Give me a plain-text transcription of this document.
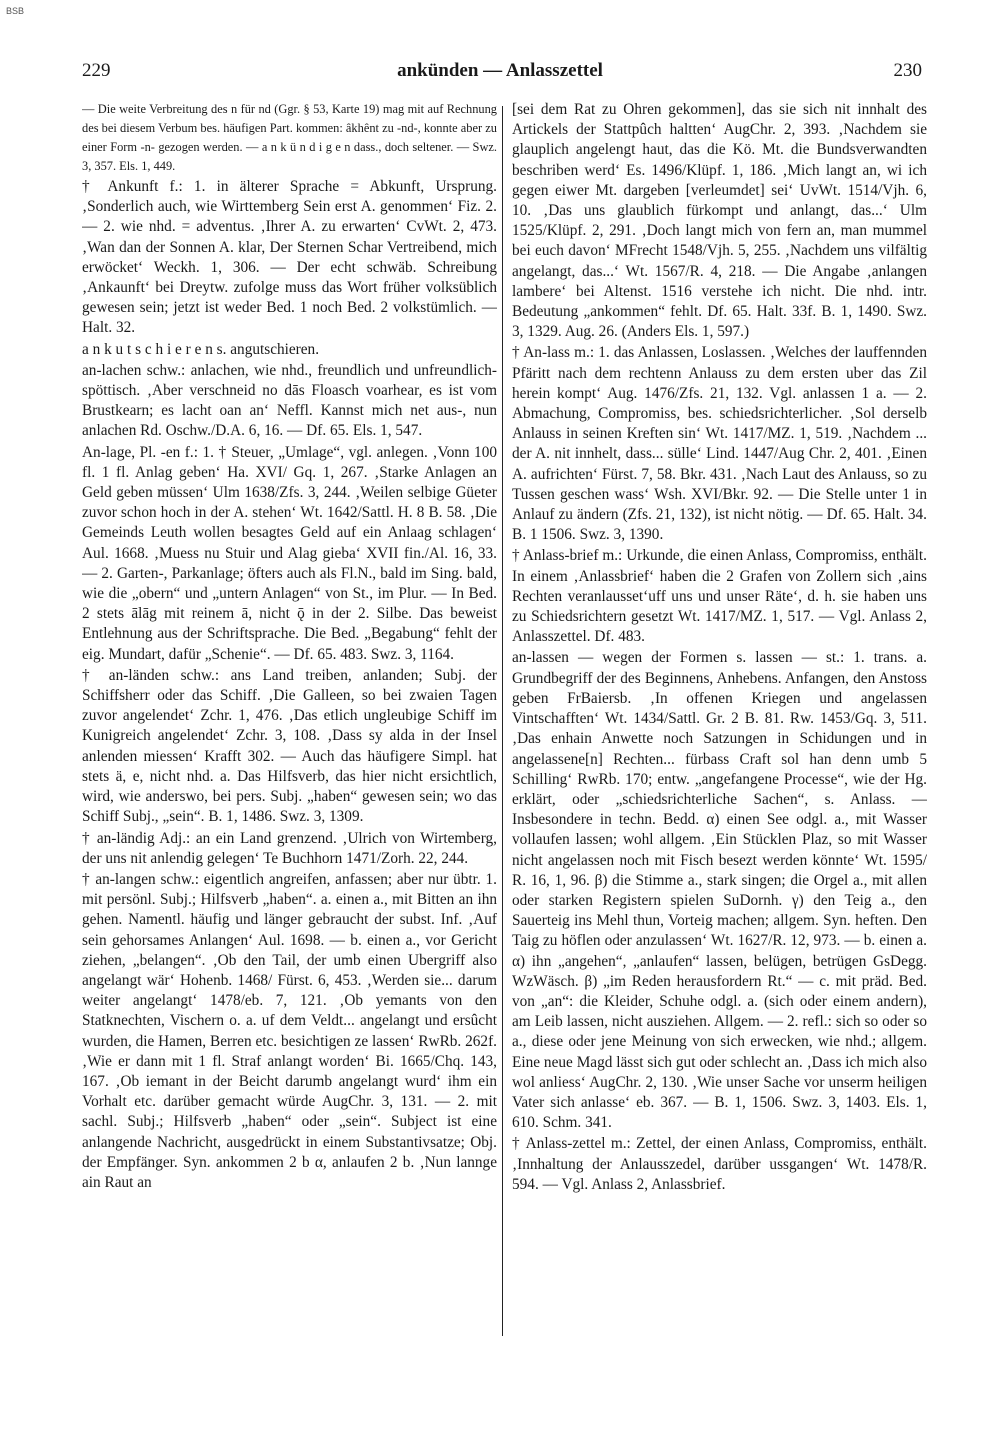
BSB
229	ankünden — Anlasszettel	230

— Die weite Verbreitung des n für nd (Ggr. § 53, Karte 19) mag mit auf Rechnung des bei diesem Verbum bes. häufigen Part. kommen: âkhênt zu -nd-, konnte aber zu einer Form -n- gezogen werden. — a n k ü n d i g e n dass., doch seltener. — Swz. 3, 357. Els. 1, 449.

† Ankunft f.: 1. in älterer Sprache = Abkunft, Ursprung. ‚Sonderlich auch, wie Wirttemberg Sein erst A. genommen‘ Fiz. 2. — 2. wie nhd. = adventus. ‚Ihrer A. zu erwarten‘ CvWt. 2, 473. ‚Wan dan der Sonnen A. klar, Der Sternen Schar Vertreibend, mich erwöcket‘ Weckh. 1, 306. — Der echt schwäb. Schreibung ‚Ankaunft‘ bei Dreytw. zufolge muss das Wort früher volksüblich gewesen sein; jetzt ist weder Bed. 1 noch Bed. 2 volkstümlich. — Halt. 32.

a n k u t s c h i e r e n s. angutschieren.

an-lachen schw.: anlachen, wie nhd., freundlich und unfreundlich-spöttisch. ‚Aber verschneid no dās Floasch voarhear, es ist vom Brustkearn; es lacht oan an‘ Neffl. Kannst mich net aus-, nun anlachen Rd. Oschw./D.A. 6, 16. — Df. 65. Els. 1, 547.

An-lage, Pl. -en f.: 1. † Steuer, „Umlage“, vgl. anlegen. ‚Vonn 100 fl. 1 fl. Anlag geben‘ Ha. XVI/ Gq. 1, 267. ‚Starke Anlagen an Geld geben müssen‘ Ulm 1638/Zfs. 3, 244. ‚Weilen selbige Güeter zuvor schon hoch in der A. stehen‘ Wt. 1642/Sattl. H. 8 B. 58. ‚Die Gemeinds Leuth wollen besagtes Geld auf ein Anlaag schlagen‘ Aul. 1668. ‚Muess nu Stuir und Alag gieba‘ XVII fin./Al. 16, 33. — 2. Garten-, Parkanlage; öfters auch als Fl.N., bald im Sing. bald, wie die „obern“ und „untern Anlagen“ von St., im Plur. — In Bed. 2 stets ālāg mit reinem ā, nicht ǭ in der 2. Silbe. Das beweist Entlehnung aus der Schriftsprache. Die Bed. „Begabung“ fehlt der eig. Mundart, dafür „Schenie“. — Df. 65. 483. Swz. 3, 1164.

† an-länden schw.: ans Land treiben, anlanden; Subj. der Schiffsherr oder das Schiff. ‚Die Galleen, so bei zwaien Tagen zuvor angelendet‘ Zchr. 1, 476. ‚Das etlich ungleubige Schiff im Kunigreich angelendet‘ Zchr. 3, 108. ‚Dass sy alda in der Insel anlenden miessen‘ Krafft 302. — Auch das häufigere Simpl. hat stets ä, e, nicht nhd. a. Das Hilfsverb, das hier nicht ersichtlich, wird, wie anderswo, bei pers. Subj. „haben“ gewesen sein; wo das Schiff Subj., „sein“. B. 1, 1486. Swz. 3, 1309.

† an-ländig Adj.: an ein Land grenzend. ‚Ulrich von Wirtemberg, der uns nit anlendig gelegen‘ Te Buchhorn 1471/Zorh. 22, 244.

† an-langen schw.: eigentlich angreifen, anfassen; aber nur übtr. 1. mit persönl. Subj.; Hilfsverb „haben“. a. einen a., mit Bitten an ihn gehen. Namentl. häufig und länger gebraucht der subst. Inf. ‚Auf sein gehorsames Anlangen‘ Aul. 1698. — b. einen a., vor Gericht ziehen, „belangen“. ‚Ob den Tail, der umb einen Ubergriff also angelangt wär‘ Hohenb. 1468/ Fürst. 6, 453. ‚Werden sie... darum weiter angelangt‘ 1478/eb. 7, 121. ‚Ob yemants von den Statknechten, Vischern o. a. uf dem Veldt... angelangt und ersûcht wurden, die Hamen, Berren etc. besichtigen ze lassen‘ RwRb. 262f. ‚Wie er dann mit 1 fl. Straf anlangt worden‘ Bi. 1665/Chq. 143, 167. ‚Ob iemant in der Beicht darumb angelangt wurd‘ ihm ein Vorhalt etc. darüber gemacht würde AugChr. 3, 131. — 2. mit sachl. Subj.; Hilfsverb „haben“ oder „sein“. Subject ist eine anlangende Nachricht, ausgedrückt in einem Substantivsatze; Obj. der Empfänger. Syn. ankommen 2 b α, anlaufen 2 b. ‚Nun lannge ain Raut an

[sei dem Rat zu Ohren gekommen], das sie sich nit innhalt des Artickels der Stattpûch haltten‘ AugChr. 2, 393. ‚Nachdem sie glauplich angelengt haut, das die Kö. Mt. die Bundsverwandten beschriben werd‘ Es. 1496/Klüpf. 1, 186. ‚Mich langt an, wi ich gegen eiwer Mt. dargeben [verleumdet] sei‘ UvWt. 1514/Vjh. 6, 10. ‚Das uns glaublich fürkompt und anlangt, das...‘ Ulm 1525/Klüpf. 2, 291. ‚Doch langt mich von fern an, man mummel bei euch davon‘ MFrecht 1548/Vjh. 5, 255. ‚Nachdem uns vilfältig angelangt, das...‘ Wt. 1567/R. 4, 218. — Die Angabe ‚anlangen lambere‘ bei Altenst. 1516 verstehe ich nicht. Die nhd. intr. Bedeutung „ankommen“ fehlt. Df. 65. Halt. 33f. B. 1, 1490. Swz. 3, 1329. Aug. 26. (Anders Els. 1, 597.)

† An-lass m.: 1. das Anlassen, Loslassen. ‚Welches der lauffennden Pfäritt nach dem rechtenn Anlauss zu dem ersten uber das Zil herein kompt‘ Aug. 1476/Zfs. 21, 132. Vgl. anlassen 1 a. — 2. Abmachung, Compromiss, bes. schiedsrichterlicher. ‚Sol derselb Anlauss in seinen Kreften sin‘ Wt. 1417/MZ. 1, 519. ‚Nachdem ... der A. nit innhelt, dass... sülle‘ Lind. 1447/Aug Chr. 2, 401. ‚Einen A. aufrichten‘ Fürst. 7, 58. Bkr. 431. ‚Nach Laut des Anlauss, so zu Tussen geschen wass‘ Wsh. XVI/Bkr. 92. — Die Stelle unter 1 in Anlauf zu ändern (Zfs. 21, 132), ist nicht nötig. — Df. 65. Halt. 34. B. 1 1506. Swz. 3, 1390.

† Anlass-brief m.: Urkunde, die einen Anlass, Compromiss, enthält. In einem ‚Anlassbrief‘ haben die 2 Grafen von Zollern sich ‚ains Rechten veranlausset‘uff uns und unser Räte‘, d. h. sie haben uns zu Schiedsrichtern gesetzt Wt. 1417/MZ. 1, 517. — Vgl. Anlass 2, Anlasszettel. Df. 483.

an-lassen — wegen der Formen s. lassen — st.: 1. trans. a. Grundbegriff der des Beginnens, Anhebens. Anfangen, den Anstoss geben FrBaiersb. ‚In offenen Kriegen und angelassen Vintschafften‘ Wt. 1434/Sattl. Gr. 2 B. 81. Rw. 1453/Gq. 3, 511. ‚Das enhain Anwette noch Satzungen in Schidungen und in angelassene[n] Rechten... fürbass Craft sol han denn umb 5 Schilling‘ RwRb. 170; entw. „angefangene Processe“, wie der Hg. erklärt, oder „schiedsrichterliche Sachen“, s. Anlass. — Insbesondere in techn. Bedd. α) einen See odgl. a., mit Wasser vollaufen lassen; wohl allgem. ‚Ein Stücklen Plaz, so mit Wasser nicht angelassen noch mit Fisch besezt werden könnte‘ Wt. 1595/ R. 16, 1, 96. β) die Stimme a., stark singen; die Orgel a., mit allen oder starken Registern spielen SuDornh. γ) den Teig a., den Sauerteig ins Mehl thun, Vorteig machen; allgem. Syn. heften. Den Taig zu höflen oder anzulassen‘ Wt. 1627/R. 12, 973. — b. einen a. α) ihn „angehen“, „anlaufen“ lassen, belügen, betrügen GsDegg. WzWäsch. β) „im Reden herausfordern Rt.“ — c. mit präd. Bed. von „an“: die Kleider, Schuhe odgl. a. (sich oder einem andern), am Leib lassen, nicht ausziehen. Allgem. — 2. refl.: sich so oder so a., diese oder jene Meinung von sich erwecken, wie nhd.; allgem. Eine neue Magd lässt sich gut oder schlecht an. ‚Dass ich mich also wol anliess‘ AugChr. 2, 130. ‚Wie unser Sache vor unserm heiligen Vater sich anlasse‘ eb. 367. — B. 1, 1506. Swz. 3, 1403. Els. 1, 610. Schm. 341.

† Anlass-zettel m.: Zettel, der einen Anlass, Compromiss, enthält. ‚Innhaltung der Anlausszedel, darüber ussgangen‘ Wt. 1478/R. 594. — Vgl. Anlass 2, Anlassbrief.
